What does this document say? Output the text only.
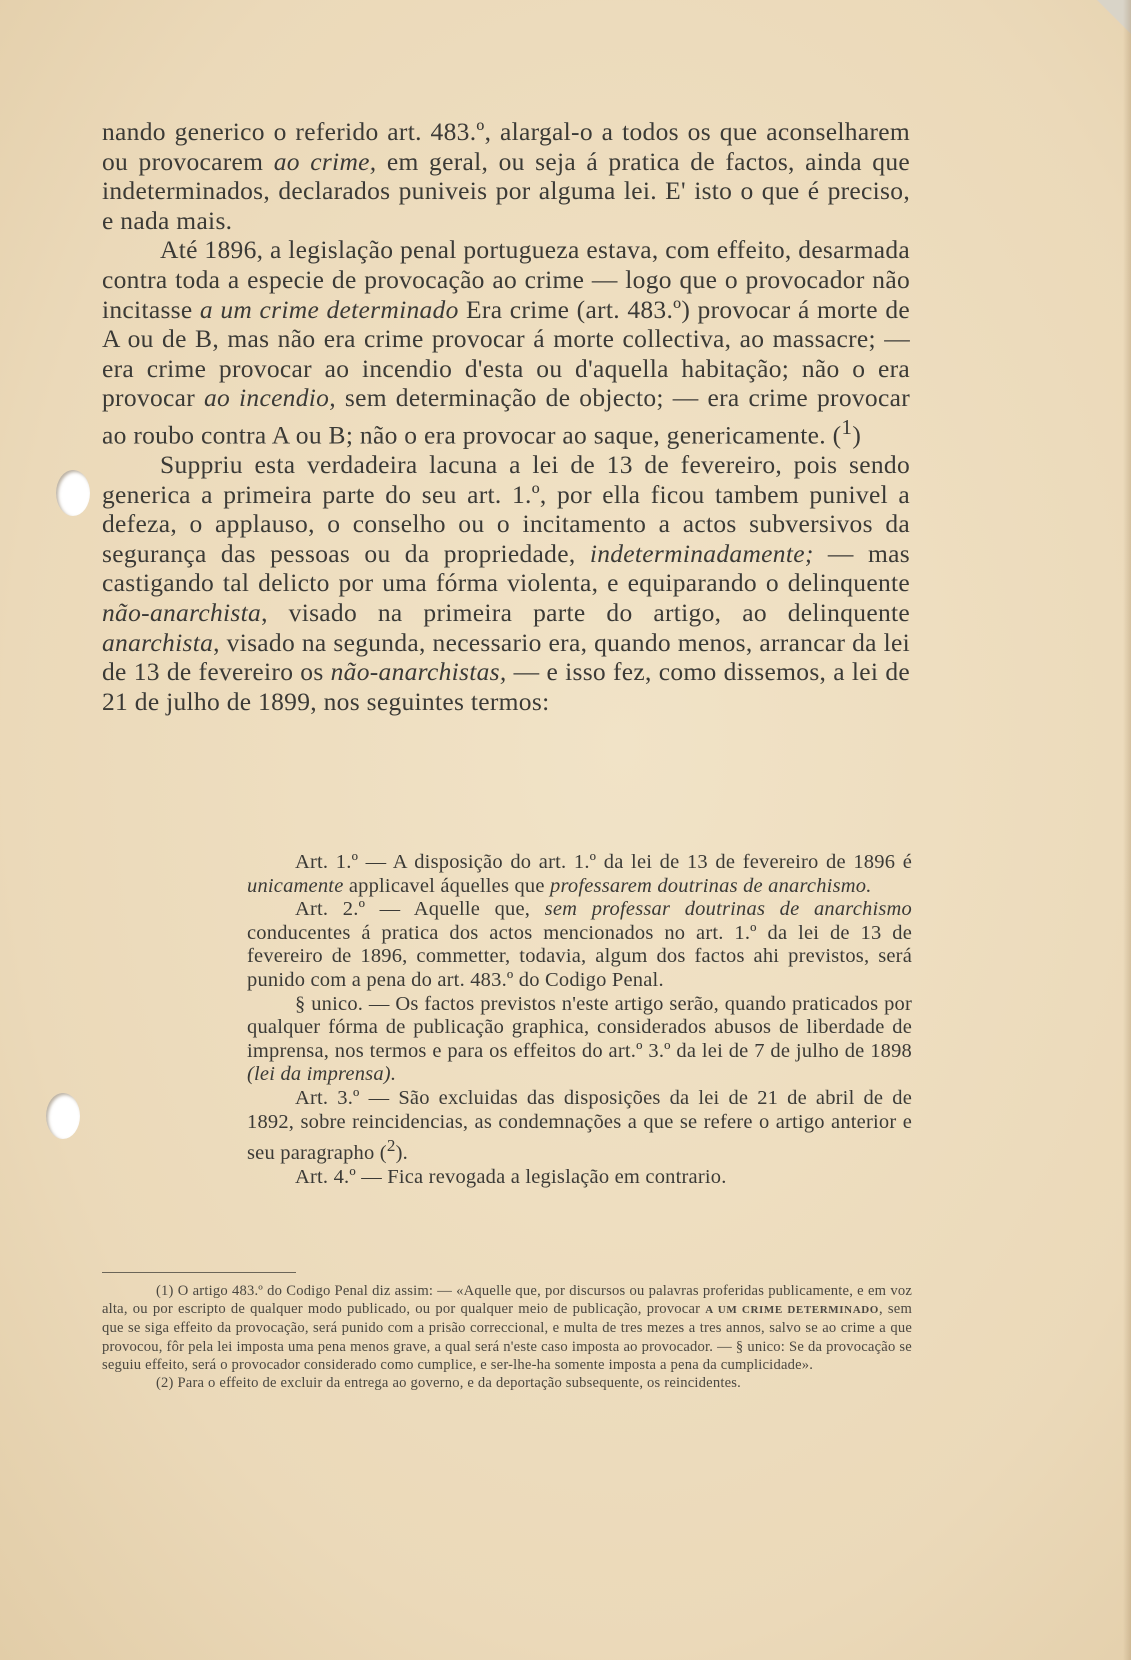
nando generico o referido art. 483.º, alargal-o a todos os que aconselharem ou provocarem ao crime, em geral, ou seja á pratica de factos, ainda que indeterminados, declarados puniveis por alguma lei. E' isto o que é preciso, e nada mais.

Até 1896, a legislação penal portugueza estava, com effeito, desarmada contra toda a especie de provocação ao crime — logo que o provocador não incitasse a um crime determinado Era crime (art. 483.º) provocar á morte de A ou de B, mas não era crime provocar á morte collectiva, ao massacre; — era crime provocar ao incendio d'esta ou d'aquella habitação; não o era provocar ao incendio, sem determinação de objecto; — era crime provocar ao roubo contra A ou B; não o era provocar ao saque, genericamente. ($^1$)

Suppriu esta verdadeira lacuna a lei de 13 de fevereiro, pois sendo generica a primeira parte do seu art. 1.º, por ella ficou tambem punivel a defeza, o applauso, o conselho ou o incitamento a actos subversivos da segurança das pessoas ou da propriedade, indeterminadamente; — mas castigando tal delicto por uma fórma violenta, e equiparando o delinquente não-anarchista, visado na primeira parte do artigo, ao delinquente anarchista, visado na segunda, necessario era, quando menos, arrancar da lei de 13 de fevereiro os não-anarchistas, — e isso fez, como dissemos, a lei de 21 de julho de 1899, nos seguintes termos:

Art. 1.º — A disposição do art. 1.º da lei de 13 de fevereiro de 1896 é unicamente applicavel áquelles que professarem doutrinas de anarchismo.

Art. 2.º — Aquelle que, sem professar doutrinas de anarchismo conducentes á pratica dos actos mencionados no art. 1.º da lei de 13 de fevereiro de 1896, commetter, todavia, algum dos factos ahi previstos, será punido com a pena do art. 483.º do Codigo Penal.

§ unico. — Os factos previstos n'este artigo serão, quando praticados por qualquer fórma de publicação graphica, considerados abusos de liberdade de imprensa, nos termos e para os effeitos do art.º 3.º da lei de 7 de julho de 1898 (lei da imprensa).

Art. 3.º — São excluidas das disposições da lei de 21 de abril de de 1892, sobre reincidencias, as condemnações a que se refere o artigo anterior e seu paragrapho ($^2$).

Art. 4.º — Fica revogada a legislação em contrario.

(1) O artigo 483.º do Codigo Penal diz assim: — «Aquelle que, por discursos ou palavras proferidas publicamente, e em voz alta, ou por escripto de qualquer modo publicado, ou por qualquer meio de publicação, provocar A UM CRIME DETERMINADO, sem que se siga effeito da provocação, será punido com a prisão correccional, e multa de tres mezes a tres annos, salvo se ao crime a que provocou, fôr pela lei imposta uma pena menos grave, a qual será n'este caso imposta ao provocador. — § unico: Se da provocação se seguiu effeito, será o provocador considerado como cumplice, e ser-lhe-ha somente imposta a pena da cumplicidade».

(2) Para o effeito de excluir da entrega ao governo, e da deportação subsequente, os reincidentes.
